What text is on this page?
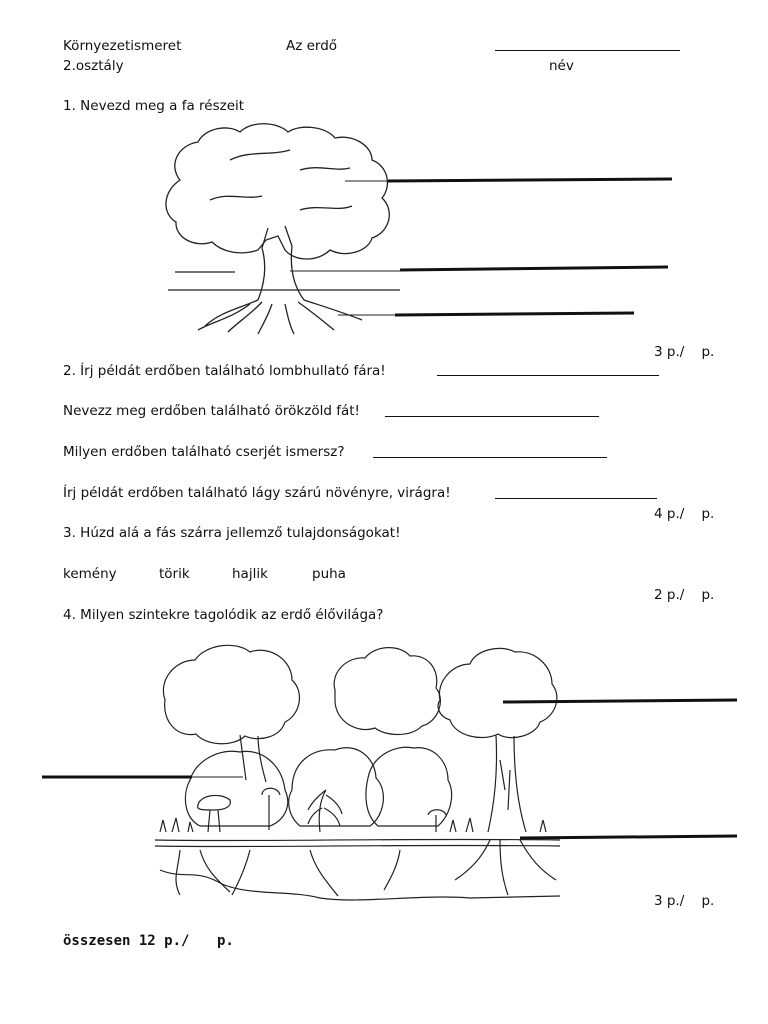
Környezetismeret
2.osztály
Az erdő
név
1. Nevezd meg a fa részeit
3 p./    p.
2. Írj példát erdőben található lombhullató fára!
Nevezz meg erdőben található örökzöld fát!
Milyen erdőben található cserjét ismersz?
Írj példát erdőben található lágy szárú növényre, virágra!
4 p./    p.
3. Húzd alá a fás szárra jellemző tulajdonságokat!
kemény	törik	hajlik	puha
2 p./    p.
4. Milyen szintekre tagolódik az erdő élővilága?
3 p./    p.
összesen 12 p./ p.
